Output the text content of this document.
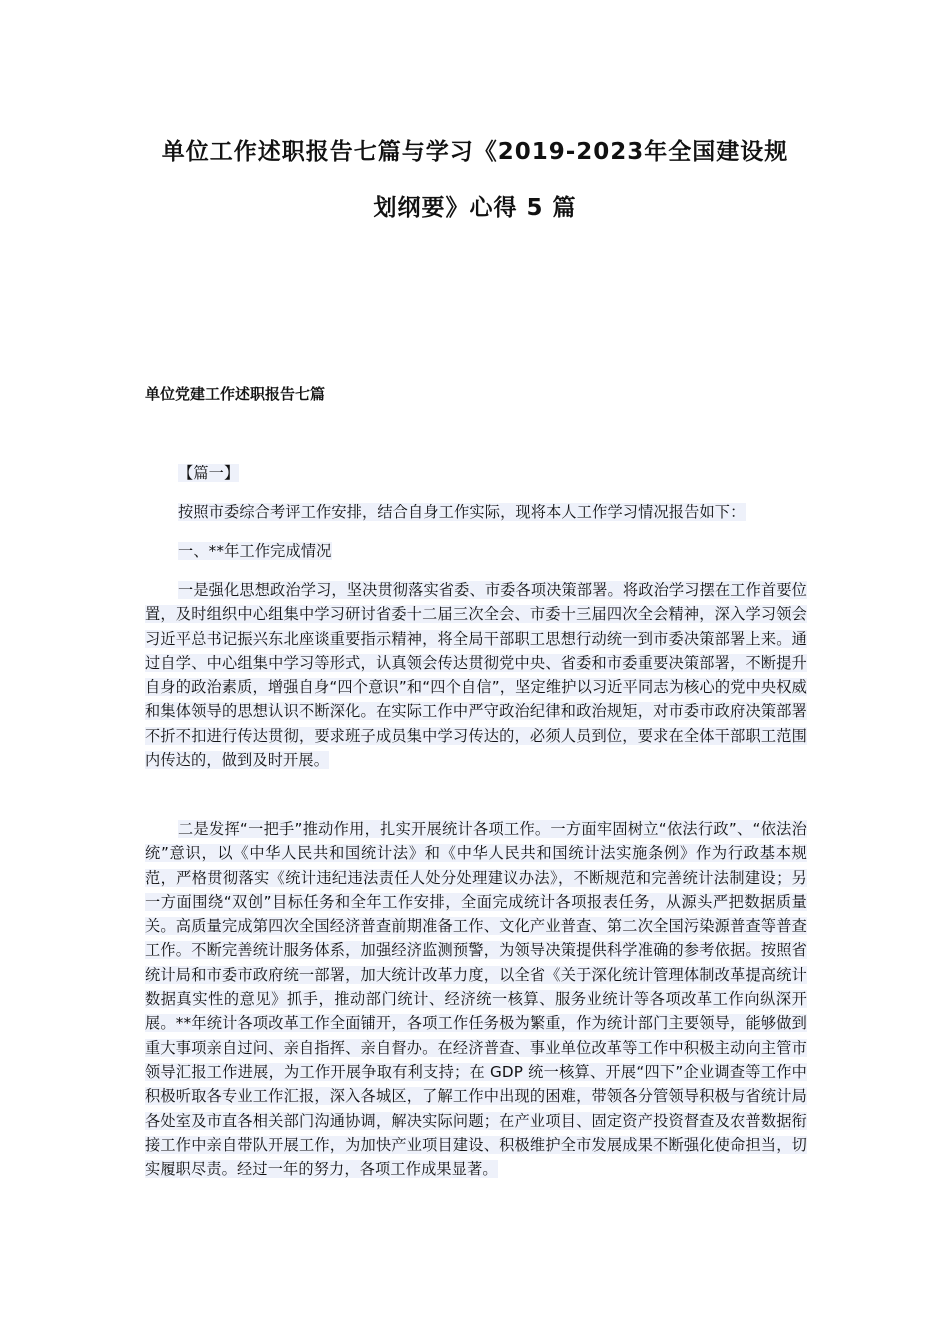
单位工作述职报告七篇与学习《2019-2023年全国建设规
划纲要》心得 5 篇
单位党建工作述职报告七篇

【篇一】

按照市委综合考评工作安排，结合自身工作实际，现将本人工作学习情况报告如下：

一、**年工作完成情况

一是强化思想政治学习，坚决贯彻落实省委、市委各项决策部署。将政治学习摆在工作首要位置，及时组织中心组集中学习研讨省委十二届三次全会、市委十三届四次全会精神，深入学习领会习近平总书记振兴东北座谈重要指示精神，将全局干部职工思想行动统一到市委决策部署上来。通过自学、中心组集中学习等形式，认真领会传达贯彻党中央、省委和市委重要决策部署，不断提升自身的政治素质，增强自身“四个意识”和“四个自信”，坚定维护以习近平同志为核心的党中央权威和集体领导的思想认识不断深化。在实际工作中严守政治纪律和政治规矩，对市委市政府决策部署不折不扣进行传达贯彻，要求班子成员集中学习传达的，必须人员到位，要求在全体干部职工范围内传达的，做到及时开展。

二是发挥“一把手”推动作用，扎实开展统计各项工作。一方面牢固树立“依法行政”、“依法治统”意识，以《中华人民共和国统计法》和《中华人民共和国统计法实施条例》作为行政基本规范，严格贯彻落实《统计违纪违法责任人处分处理建议办法》，不断规范和完善统计法制建设；另一方面围绕“双创”目标任务和全年工作安排，全面完成统计各项报表任务，从源头严把数据质量关。高质量完成第四次全国经济普查前期准备工作、文化产业普查、第二次全国污染源普查等普查工作。不断完善统计服务体系，加强经济监测预警，为领导决策提供科学准确的参考依据。按照省统计局和市委市政府统一部署，加大统计改革力度，以全省《关于深化统计管理体制改革提高统计数据真实性的意见》抓手，推动部门统计、经济统一核算、服务业统计等各项改革工作向纵深开展。**年统计各项改革工作全面铺开，各项工作任务极为繁重，作为统计部门主要领导，能够做到重大事项亲自过问、亲自指挥、亲自督办。在经济普查、事业单位改革等工作中积极主动向主管市领导汇报工作进展，为工作开展争取有利支持；在 GDP 统一核算、开展“四下”企业调查等工作中积极听取各专业工作汇报，深入各城区，了解工作中出现的困难，带领各分管领导积极与省统计局各处室及市直各相关部门沟通协调，解决实际问题；在产业项目、固定资产投资督查及农普数据衔接工作中亲自带队开展工作，为加快产业项目建设、积极维护全市发展成果不断强化使命担当，切实履职尽责。经过一年的努力，各项工作成果显著。
